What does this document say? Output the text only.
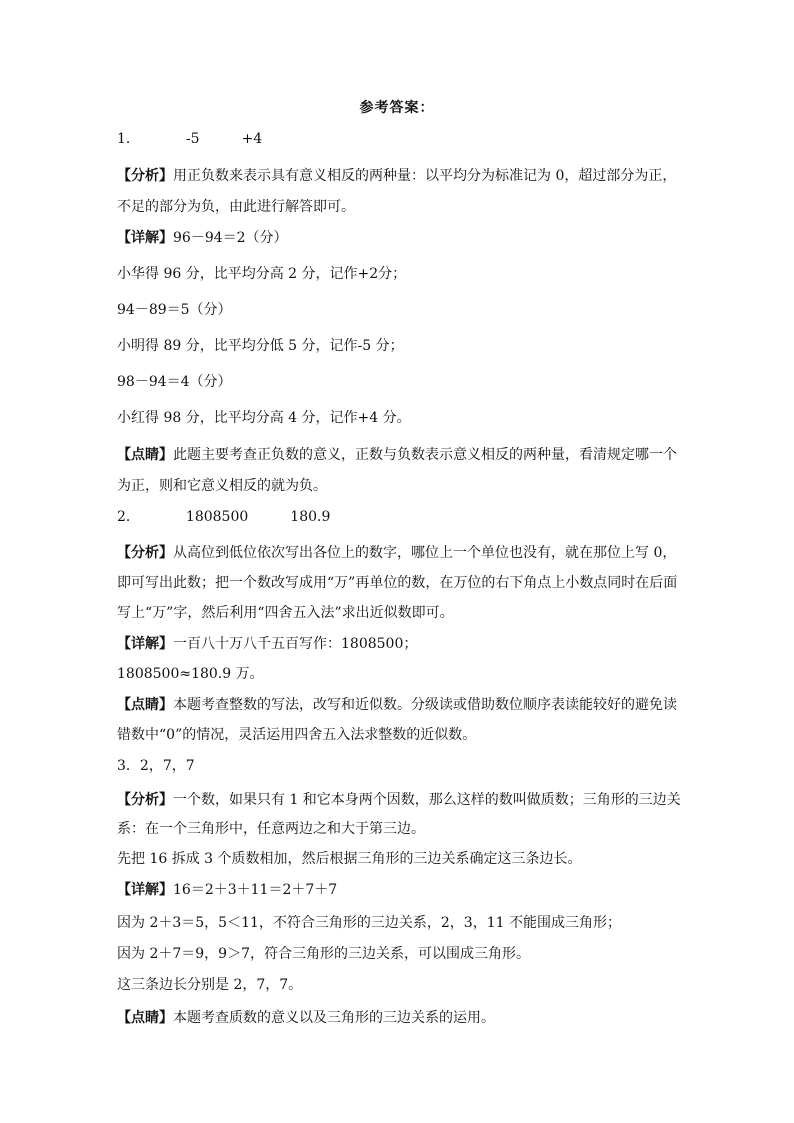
参考答案：
1．	-5	+4
【分析】用正负数来表示具有意义相反的两种量：以平均分为标准记为 0，超过部分为正，
不足的部分为负，由此进行解答即可。
【详解】96－94＝2（分）
小华得 96 分，比平均分高 2 分，记作+2分；
94－89＝5（分）
小明得 89 分，比平均分低 5 分，记作-5 分；
98－94＝4（分）
小红得 98 分，比平均分高 4 分，记作+4 分。
【点睛】此题主要考查正负数的意义，正数与负数表示意义相反的两种量，看清规定哪一个
为正，则和它意义相反的就为负。
2．	1808500	180.9
【分析】从高位到低位依次写出各位上的数字，哪位上一个单位也没有，就在那位上写 0，
即可写出此数；把一个数改写成用“万”再单位的数，在万位的右下角点上小数点同时在后面
写上“万”字，然后利用“四舍五入法”求出近似数即可。
【详解】一百八十万八千五百写作：1808500；
1808500≈180.9 万。
【点睛】本题考查整数的写法，改写和近似数。分级读或借助数位顺序表读能较好的避免读
错数中“0”的情况，灵活运用四舍五入法求整数的近似数。
3．2，7，7
【分析】一个数，如果只有 1 和它本身两个因数，那么这样的数叫做质数；三角形的三边关
系：在一个三角形中，任意两边之和大于第三边。
先把 16 拆成 3 个质数相加，然后根据三角形的三边关系确定这三条边长。
【详解】16＝2＋3＋11＝2＋7＋7
因为 2＋3＝5，5＜11，不符合三角形的三边关系，2，3，11 不能围成三角形；
因为 2＋7＝9，9＞7，符合三角形的三边关系，可以围成三角形。
这三条边长分别是 2，7，7。
【点睛】本题考查质数的意义以及三角形的三边关系的运用。
